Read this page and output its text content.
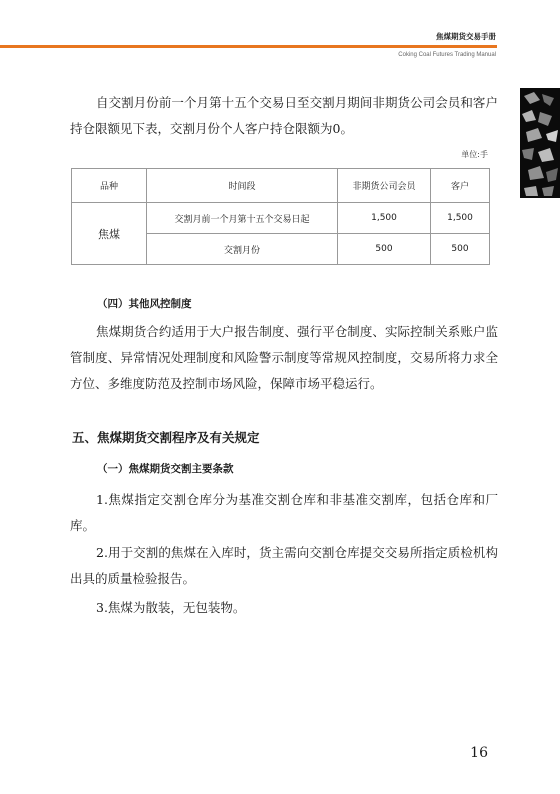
焦煤期货交易手册
Coking Coal Futures Trading Manual

自交割月份前一个月第十五个交易日至交割月期间非期货公司会员和客户持仓限额见下表，交割月份个人客户持仓限额为0。

单位:手
品种	时间段	非期货公司会员	客户
焦煤	交割月前一个月第十五个交易日起	1,500	1,500
	交割月份	500	500
（四）其他风控制度

焦煤期货合约适用于大户报告制度、强行平仓制度、实际控制关系账户监管制度、异常情况处理制度和风险警示制度等常规风控制度，交易所将力求全方位、多维度防范及控制市场风险，保障市场平稳运行。

五、焦煤期货交割程序及有关规定
（一）焦煤期货交割主要条款

1.焦煤指定交割仓库分为基准交割仓库和非基准交割库，包括仓库和厂库。

2.用于交割的焦煤在入库时，货主需向交割仓库提交交易所指定质检机构出具的质量检验报告。

3.焦煤为散装，无包装物。

16
